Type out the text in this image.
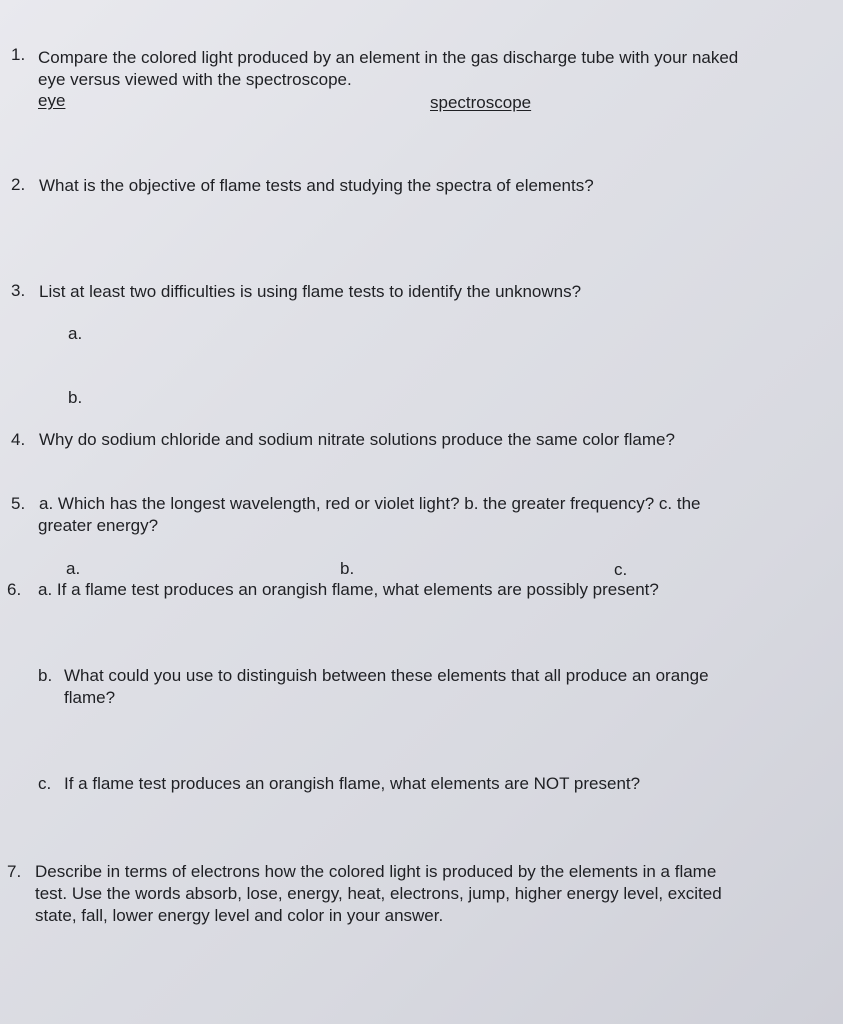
1. Compare the colored light produced by an element in the gas discharge tube with your naked
eye versus viewed with the spectroscope.
eye	spectroscope
2. What is the objective of flame tests and studying the spectra of elements?
3. List at least two difficulties is using flame tests to identify the unknowns?
a.
b.
4. Why do sodium chloride and sodium nitrate solutions produce the same color flame?
5. a. Which has the longest wavelength, red or violet light? b. the greater frequency? c. the
greater energy?
a.	b.	c.
6. a. If a flame test produces an orangish flame, what elements are possibly present?
b. What could you use to distinguish between these elements that all produce an orange
flame?
c. If a flame test produces an orangish flame, what elements are NOT present?
7. Describe in terms of electrons how the colored light is produced by the elements in a flame
test. Use the words absorb, lose, energy, heat, electrons, jump, higher energy level, excited
state, fall, lower energy level and color in your answer.
